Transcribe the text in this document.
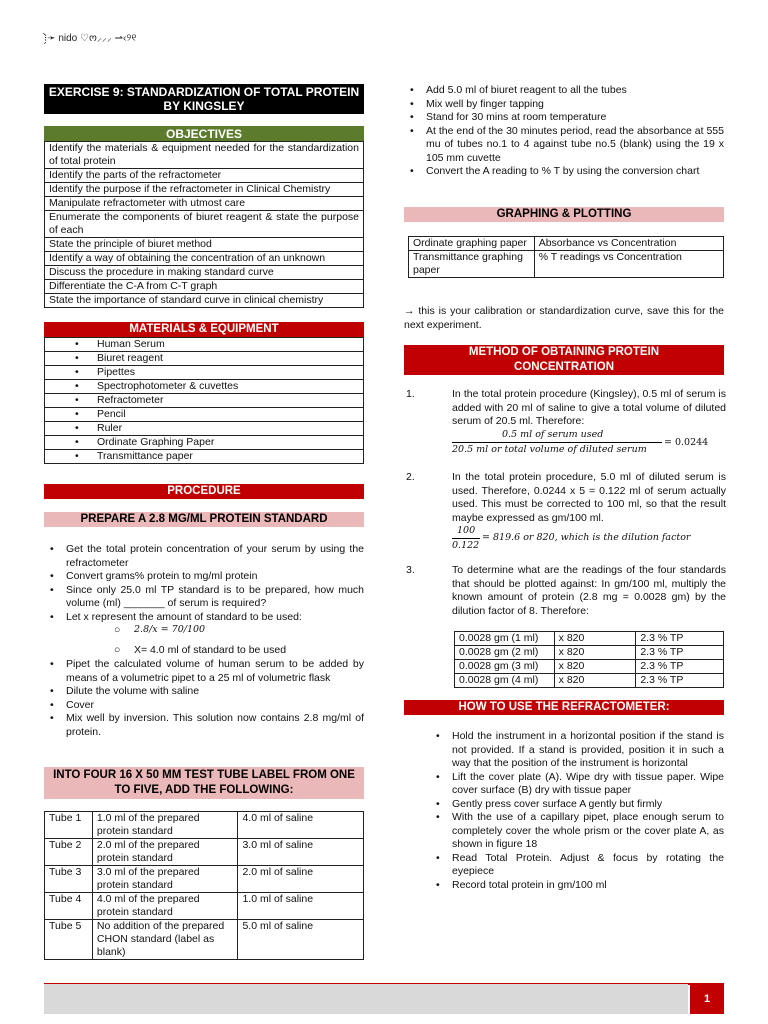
⁝̗̀➛ nido ♡ო⸝⸝⸝ ⇀‹୨୧
EXERCISE 9: STANDARDIZATION OF TOTAL PROTEIN BY KINGSLEY
OBJECTIVES
Identify the materials & equipment needed for the standardization of total protein
Identify the parts of the refractometer
Identify the purpose if the refractometer in Clinical Chemistry
Manipulate refractometer with utmost care
Enumerate the components of biuret reagent & state the purpose of each
State the principle of biuret method
Identify a way of obtaining the concentration of an unknown
Discuss the procedure in making standard curve
Differentiate the C-A from C-T graph
State the importance of standard curve in clinical chemistry
MATERIALS & EQUIPMENT
• Human Serum
• Biuret reagent
• Pipettes
• Spectrophotometer & cuvettes
• Refractometer
• Pencil
• Ruler
• Ordinate Graphing Paper
• Transmittance paper
PROCEDURE
PREPARE A 2.8 MG/ML PROTEIN STANDARD
• Get the total protein concentration of your serum by using the refractometer
• Convert grams% protein to mg/ml protein
• Since only 25.0 ml TP standard is to be prepared, how much volume (ml) _______ of serum is required?
• Let x represent the amount of standard to be used:
○ 2.8/x = 70/100
○ X= 4.0 ml of standard to be used
• Pipet the calculated volume of human serum to be added by means of a volumetric pipet to a 25 ml of volumetric flask
• Dilute the volume with saline
• Cover
• Mix well by inversion. This solution now contains 2.8 mg/ml of protein.
INTO FOUR 16 X 50 MM TEST TUBE LABEL FROM ONE TO FIVE, ADD THE FOLLOWING:
Tube 1	1.0 ml of the prepared protein standard	4.0 ml of saline
Tube 2	2.0 ml of the prepared protein standard	3.0 ml of saline
Tube 3	3.0 ml of the prepared protein standard	2.0 ml of saline
Tube 4	4.0 ml of the prepared protein standard	1.0 ml of saline
Tube 5	No addition of the prepared CHON standard (label as blank)	5.0 ml of saline
• Add 5.0 ml of biuret reagent to all the tubes
• Mix well by finger tapping
• Stand for 30 mins at room temperature
• At the end of the 30 minutes period, read the absorbance at 555 mu of tubes no.1 to 4 against tube no.5 (blank) using the 19 x 105 mm cuvette
• Convert the A reading to % T by using the conversion chart
GRAPHING & PLOTTING
Ordinate graphing paper	Absorbance vs Concentration
Transmittance graphing paper	% T readings vs Concentration
→ this is your calibration or standardization curve, save this for the next experiment.
METHOD OF OBTAINING PROTEIN CONCENTRATION
1.	In the total protein procedure (Kingsley), 0.5 ml of serum is added with 20 ml of saline to give a total volume of diluted serum of 20.5 ml. Therefore:
0.5 ml of serum used
20.5 ml or total volume of diluted serum
= 0.0244
2.	In the total protein procedure, 5.0 ml of diluted serum is used. Therefore, 0.0244 x 5 = 0.122 ml of serum actually used. This must be corrected to 100 ml, so that the result maybe expressed as gm/100 ml.
100
0.122
= 819.6 or 820, which is the dilution factor
3.	To determine what are the readings of the four standards that should be plotted against: In gm/100 ml, multiply the known amount of protein (2.8 mg = 0.0028 gm) by the dilution factor of 8. Therefore:
0.0028 gm (1 ml)	x 820	2.3 % TP
0.0028 gm (2 ml)	x 820	2.3 % TP
0.0028 gm (3 ml)	x 820	2.3 % TP
0.0028 gm (4 ml)	x 820	2.3 % TP
HOW TO USE THE REFRACTOMETER:
• Hold the instrument in a horizontal position if the stand is not provided. If a stand is provided, position it in such a way that the position of the instrument is horizontal
• Lift the cover plate (A). Wipe dry with tissue paper. Wipe cover surface (B) dry with tissue paper
• Gently press cover surface A gently but firmly
• With the use of a capillary pipet, place enough serum to completely cover the whole prism or the cover plate A, as shown in figure 18
• Read Total Protein. Adjust & focus by rotating the eyepiece
• Record total protein in gm/100 ml
1
